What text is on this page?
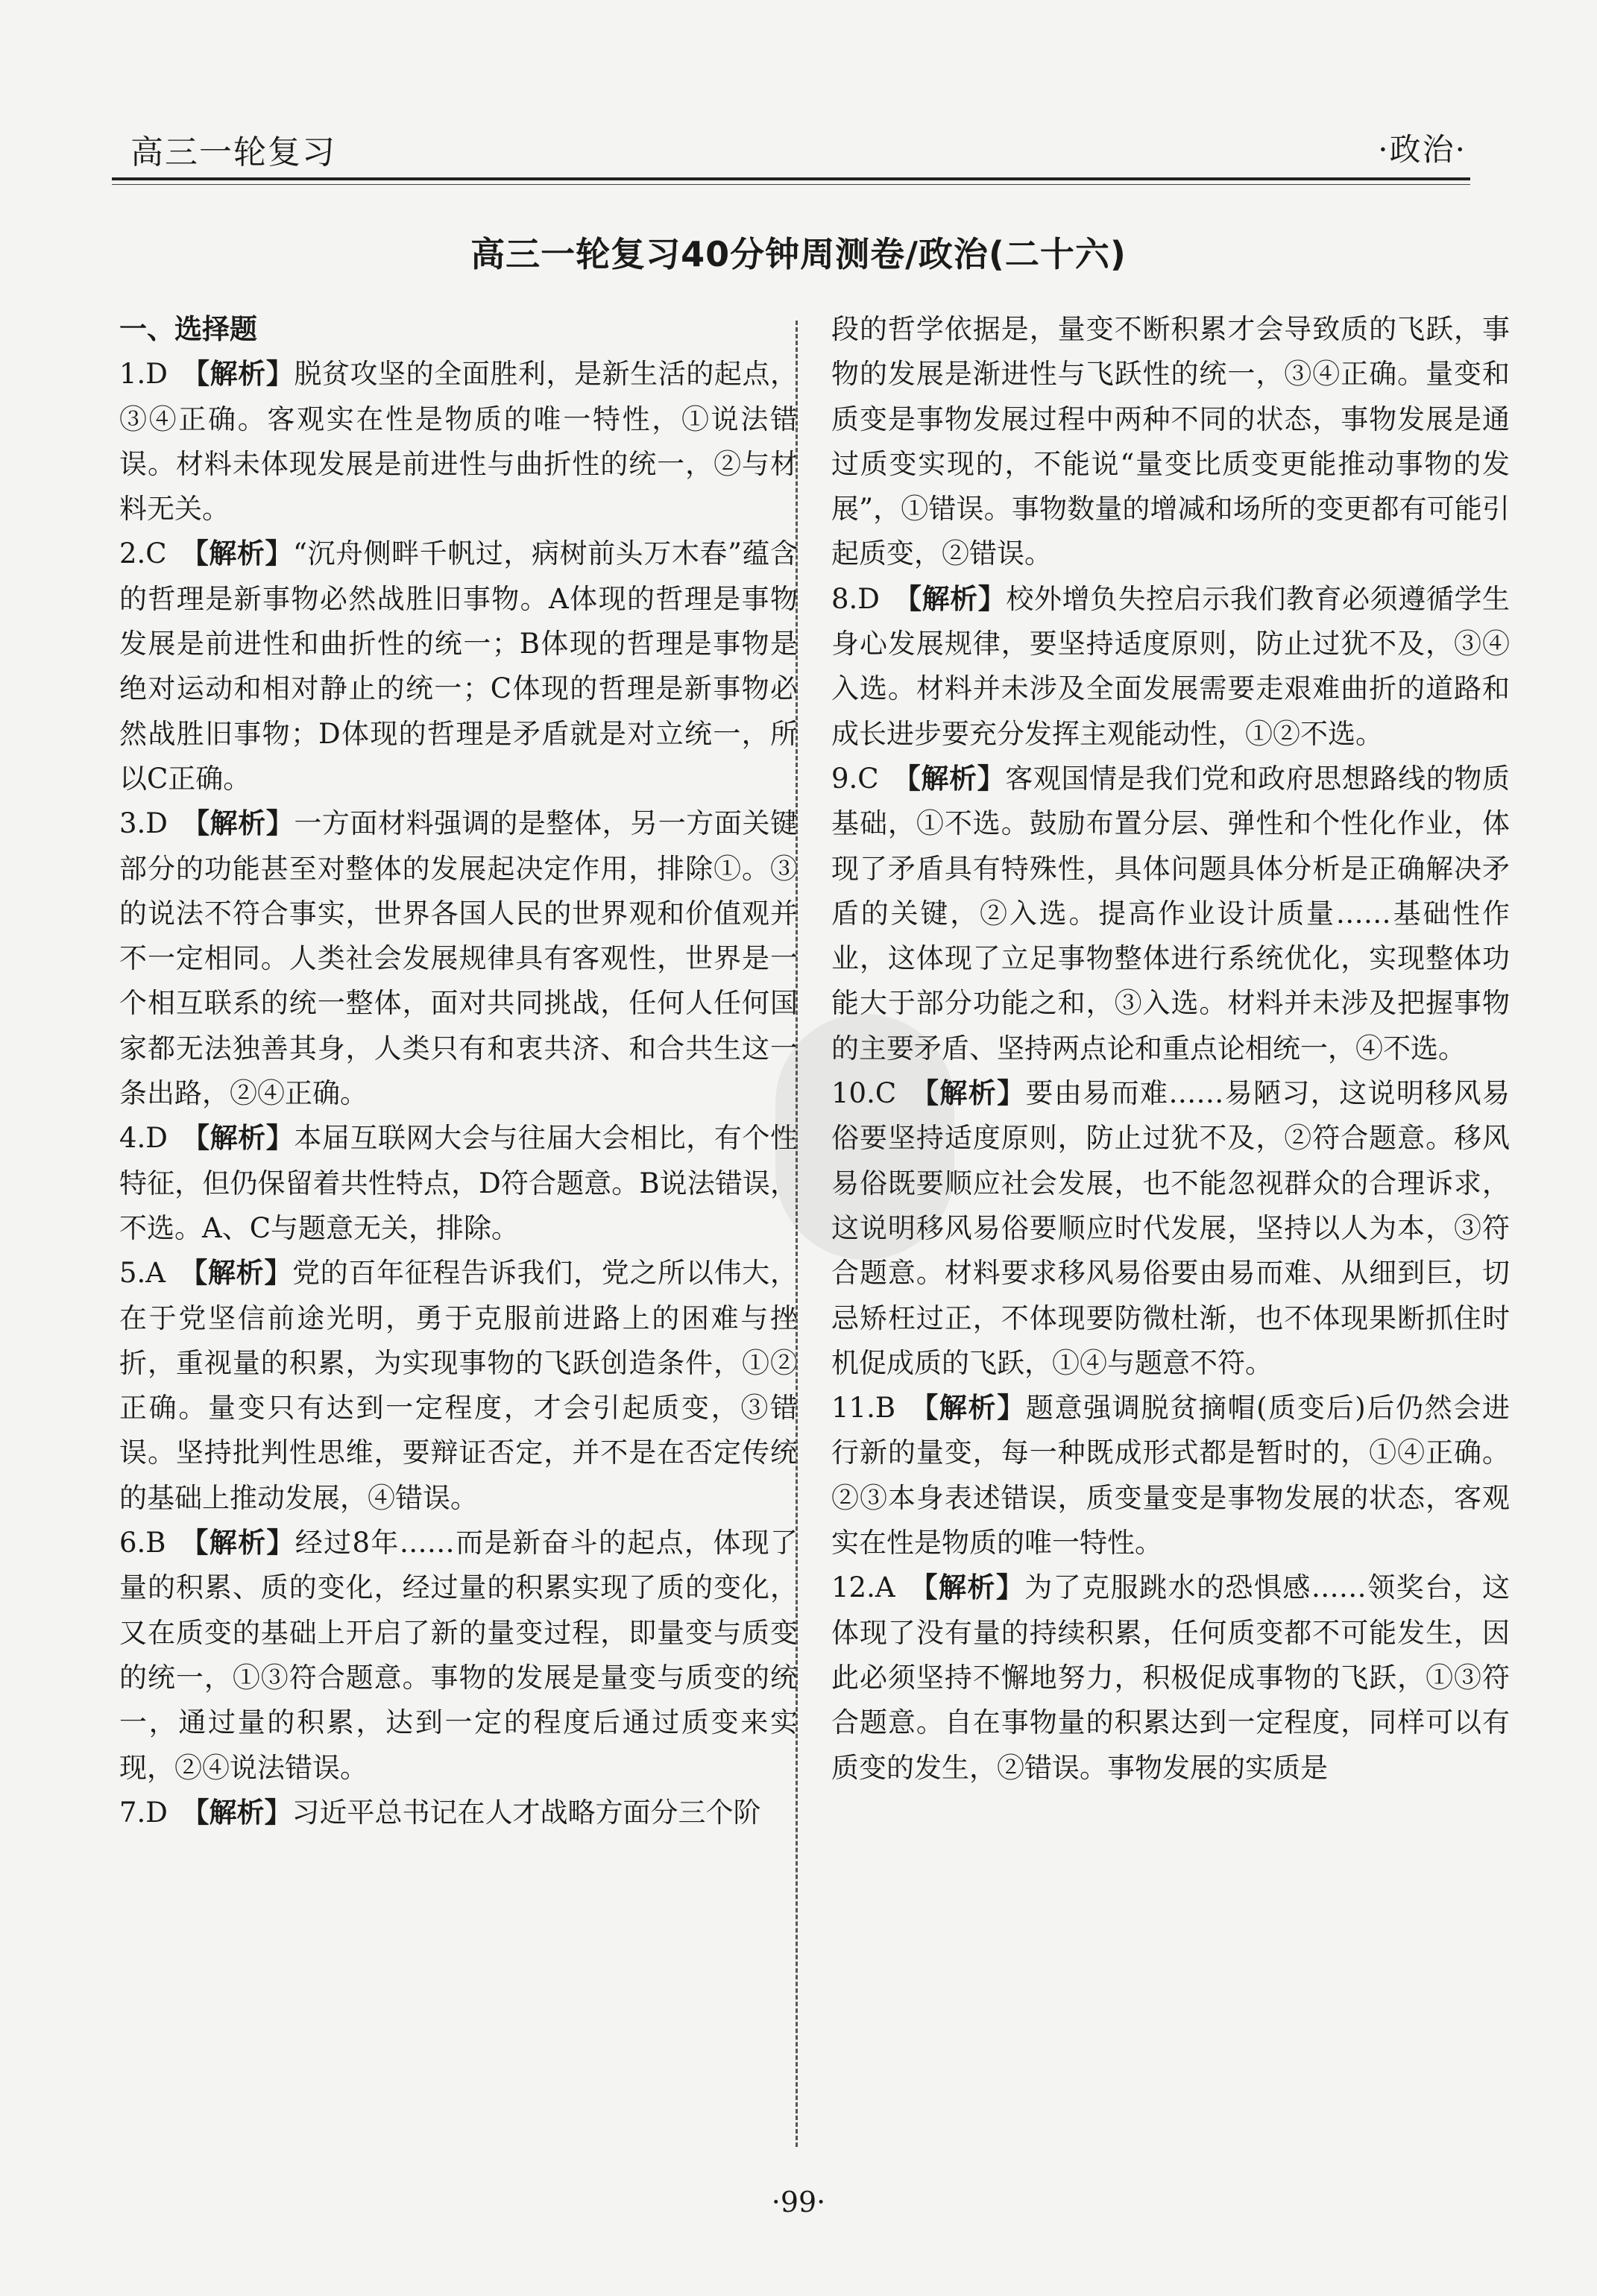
高三一轮复习	·政治·
高三一轮复习40分钟周测卷/政治(二十六)
一、选择题

1.D  【解析】脱贫攻坚的全面胜利，是新生活的起点，③④正确。客观实在性是物质的唯一特性，①说法错误。材料未体现发展是前进性与曲折性的统一，②与材料无关。

2.C  【解析】“沉舟侧畔千帆过，病树前头万木春”蕴含的哲理是新事物必然战胜旧事物。A体现的哲理是事物发展是前进性和曲折性的统一；B体现的哲理是事物是绝对运动和相对静止的统一；C体现的哲理是新事物必然战胜旧事物；D体现的哲理是矛盾就是对立统一，所以C正确。

3.D  【解析】一方面材料强调的是整体，另一方面关键部分的功能甚至对整体的发展起决定作用，排除①。③的说法不符合事实，世界各国人民的世界观和价值观并不一定相同。人类社会发展规律具有客观性，世界是一个相互联系的统一整体，面对共同挑战，任何人任何国家都无法独善其身，人类只有和衷共济、和合共生这一条出路，②④正确。

4.D  【解析】本届互联网大会与往届大会相比，有个性特征，但仍保留着共性特点，D符合题意。B说法错误，不选。A、C与题意无关，排除。

5.A  【解析】党的百年征程告诉我们，党之所以伟大，在于党坚信前途光明，勇于克服前进路上的困难与挫折，重视量的积累，为实现事物的飞跃创造条件，①②正确。量变只有达到一定程度，才会引起质变，③错误。坚持批判性思维，要辩证否定，并不是在否定传统的基础上推动发展，④错误。

6.B  【解析】经过8年……而是新奋斗的起点，体现了量的积累、质的变化，经过量的积累实现了质的变化，又在质变的基础上开启了新的量变过程，即量变与质变的统一，①③符合题意。事物的发展是量变与质变的统一，通过量的积累，达到一定的程度后通过质变来实现，②④说法错误。

7.D  【解析】习近平总书记在人才战略方面分三个阶

段的哲学依据是，量变不断积累才会导致质的飞跃，事物的发展是渐进性与飞跃性的统一，③④正确。量变和质变是事物发展过程中两种不同的状态，事物发展是通过质变实现的，不能说“量变比质变更能推动事物的发展”，①错误。事物数量的增减和场所的变更都有可能引起质变，②错误。

8.D  【解析】校外增负失控启示我们教育必须遵循学生身心发展规律，要坚持适度原则，防止过犹不及，③④入选。材料并未涉及全面发展需要走艰难曲折的道路和成长进步要充分发挥主观能动性，①②不选。

9.C  【解析】客观国情是我们党和政府思想路线的物质基础，①不选。鼓励布置分层、弹性和个性化作业，体现了矛盾具有特殊性，具体问题具体分析是正确解决矛盾的关键，②入选。提高作业设计质量……基础性作业，这体现了立足事物整体进行系统优化，实现整体功能大于部分功能之和，③入选。材料并未涉及把握事物的主要矛盾、坚持两点论和重点论相统一，④不选。

10.C  【解析】要由易而难……易陋习，这说明移风易俗要坚持适度原则，防止过犹不及，②符合题意。移风易俗既要顺应社会发展，也不能忽视群众的合理诉求，这说明移风易俗要顺应时代发展，坚持以人为本，③符合题意。材料要求移风易俗要由易而难、从细到巨，切忌矫枉过正，不体现要防微杜渐，也不体现果断抓住时机促成质的飞跃，①④与题意不符。

11.B  【解析】题意强调脱贫摘帽(质变后)后仍然会进行新的量变，每一种既成形式都是暂时的，①④正确。②③本身表述错误，质变量变是事物发展的状态，客观实在性是物质的唯一特性。

12.A  【解析】为了克服跳水的恐惧感……领奖台，这体现了没有量的持续积累，任何质变都不可能发生，因此必须坚持不懈地努力，积极促成事物的飞跃，①③符合题意。自在事物量的积累达到一定程度，同样可以有质变的发生，②错误。事物发展的实质是

·99·
